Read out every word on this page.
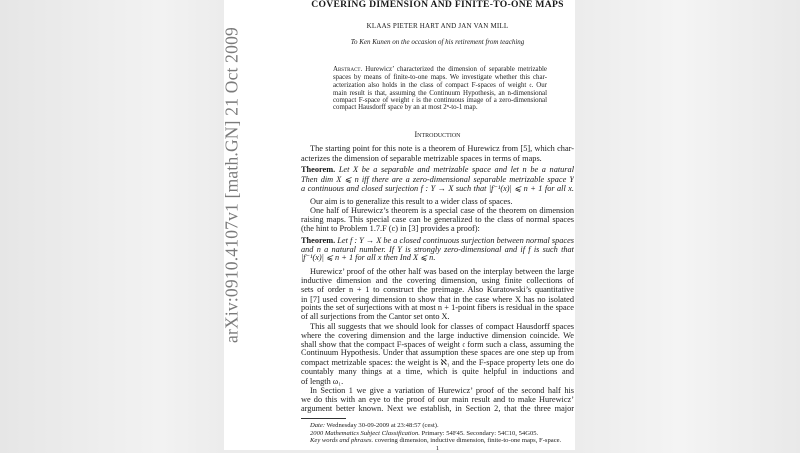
arXiv:0910.4107v1 [math.GN] 21 Oct 2009
COVERING DIMENSION AND FINITE-TO-ONE MAPS
KLAAS PIETER HART AND JAN VAN MILL
To Ken Kunen on the occasion of his retirement from teaching
Abstract. Hurewicz’ characterized the dimension of separable metrizable
spaces by means of finite-to-one maps. We investigate whether this char-
acterization also holds in the class of compact F-spaces of weight 𝔠. Our
main result is that, assuming the Continuum Hypothesis, an n-dimensional
compact F-space of weight 𝔠 is the continuous image of a zero-dimensional
compact Hausdorff space by an at most 2ⁿ-to-1 map.
Introduction
The starting point for this note is a theorem of Hurewicz from [5], which char-
acterizes the dimension of separable metrizable spaces in terms of maps.
Theorem. Let X be a separable and metrizable space and let n be a natural
Then dim X ⩽ n iff there are a zero-dimensional separable metrizable space Y
a continuous and closed surjection f : Y → X such that |f⁻¹(x)| ⩽ n + 1 for all x.
Our aim is to generalize this result to a wider class of spaces.
One half of Hurewicz’s theorem is a special case of the theorem on dimension
raising maps. This special case can be generalized to the class of normal spaces
(the hint to Problem 1.7.F (c) in [3] provides a proof):
Theorem. Let f : Y → X be a closed continuous surjection between normal spaces
and n a natural number. If Y is strongly zero-dimensional and if f is such that
|f⁻¹(x)| ⩽ n + 1 for all x then Ind X ⩽ n.
Hurewicz’ proof of the other half was based on the interplay between the large
inductive dimension and the covering dimension, using finite collections of
sets of order n + 1 to construct the preimage. Also Kuratowski’s quantitative
in [7] used covering dimension to show that in the case where X has no isolated
points the set of surjections with at most n + 1-point fibers is residual in the space
of all surjections from the Cantor set onto X.
This all suggests that we should look for classes of compact Hausdorff spaces
where the covering dimension and the large inductive dimension coincide. We
shall show that the compact F-spaces of weight 𝔠 form such a class, assuming the
Continuum Hypothesis. Under that assumption these spaces are one step up from
compact metrizable spaces: the weight is ℵ₁ and the F-space property lets one do
countably many things at a time, which is quite helpful in inductions and
of length ω₁.
In Section 1 we give a variation of Hurewicz’ proof of the second half his
we do this with an eye to the proof of our main result and to make Hurewicz’
argument better known. Next we establish, in Section 2, that the three major
Date: Wednesday 30-09-2009 at 23:48:57 (cest).
2000 Mathematics Subject Classification. Primary: 54F45. Secondary: 54C10, 54G05.
Key words and phrases. covering dimension, inductive dimension, finite-to-one maps, F-space.
1
